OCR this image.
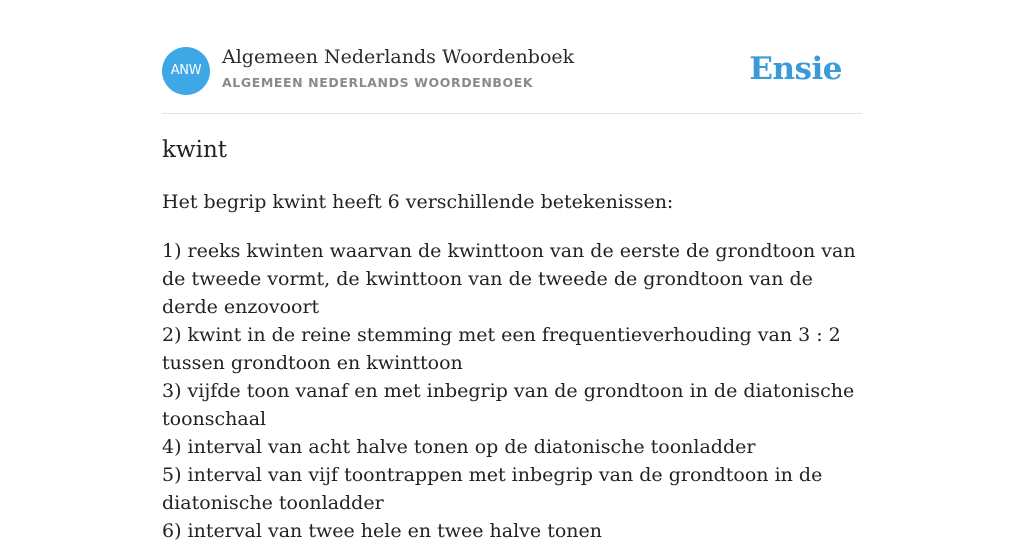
ANW
Algemeen Nederlands Woordenboek
ALGEMEEN NEDERLANDS WOORDENBOEK	Ensie
kwint

Het begrip kwint heeft 6 verschillende betekenissen:

1) reeks kwinten waarvan de kwinttoon van de eerste de grondtoon van de tweede vormt, de kwinttoon van de tweede de grondtoon van de derde enzovoort
2) kwint in de reine stemming met een frequentieverhouding van 3 : 2 tussen grondtoon en kwinttoon
3) vijfde toon vanaf en met inbegrip van de grondtoon in de diatonische toonschaal
4) interval van acht halve tonen op de diatonische toonladder
5) interval van vijf toontrappen met inbegrip van de grondtoon in de diatonische toonladder
6) interval van twee hele en twee halve tonen
